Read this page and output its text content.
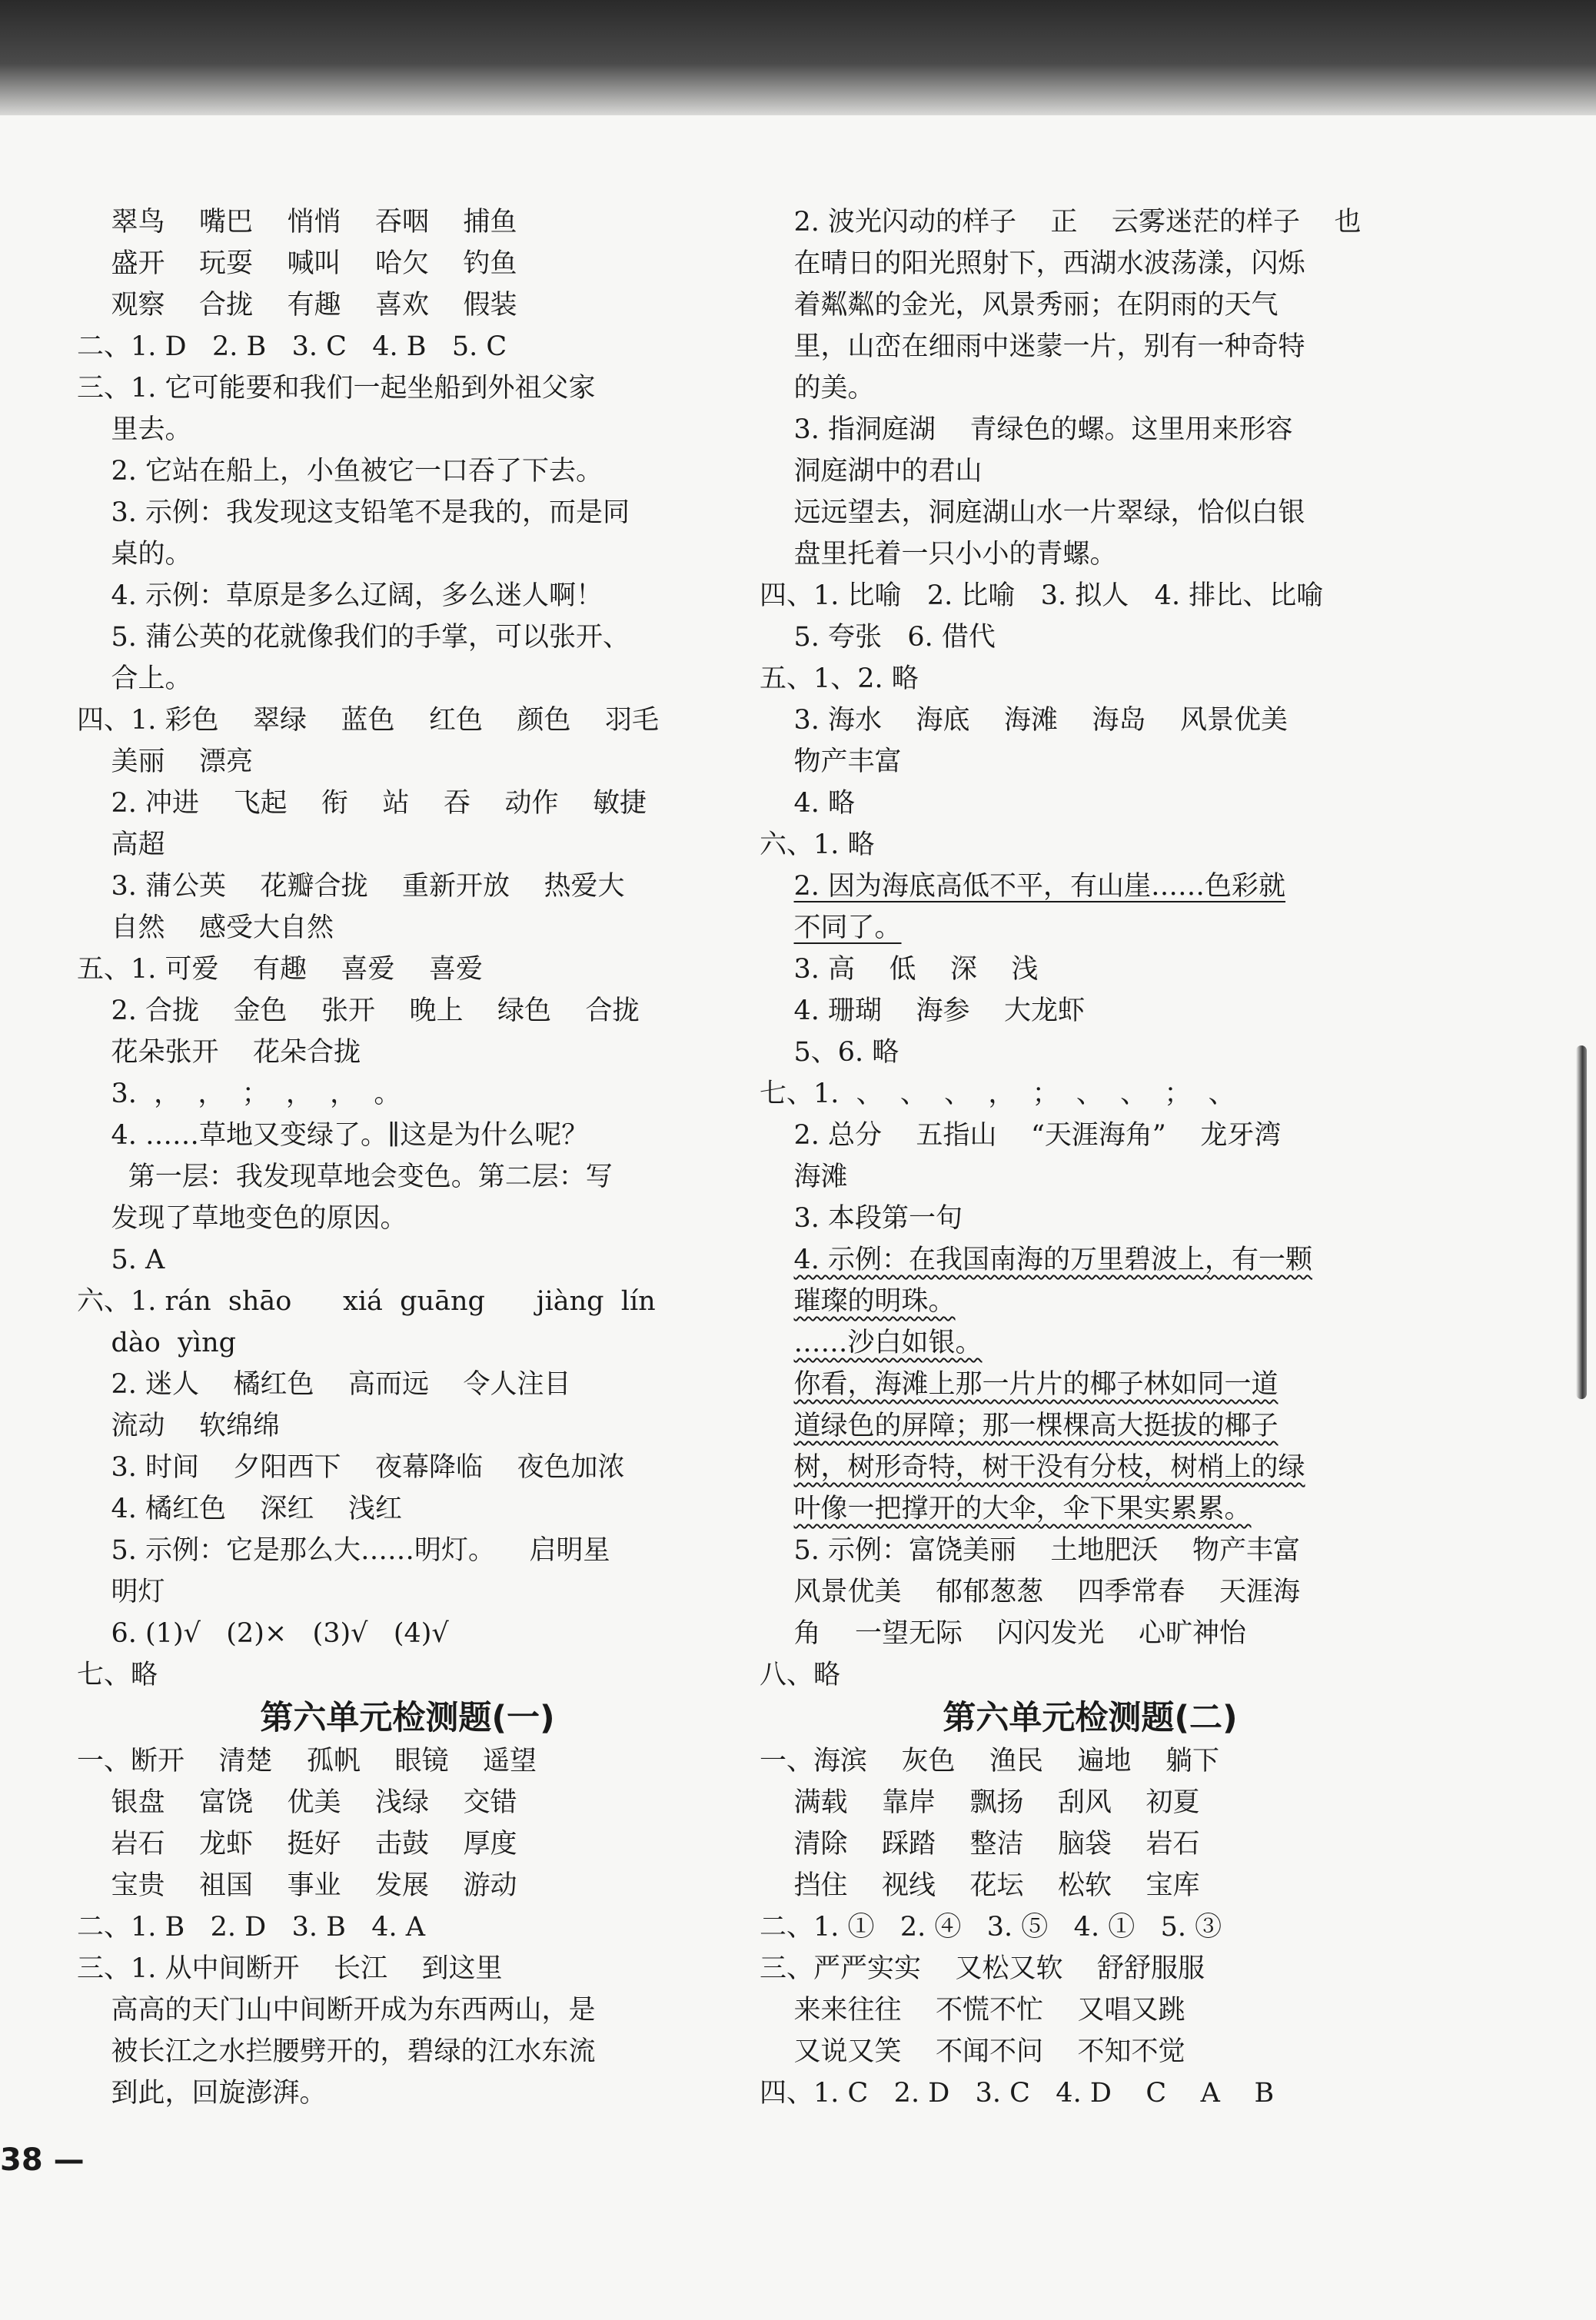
翠鸟    嘴巴    悄悄    吞咽    捕鱼
盛开    玩耍    喊叫    哈欠    钓鱼
观察    合拢    有趣    喜欢    假装
二、1. D   2. B   3. C   4. B   5. C
三、1. 它可能要和我们一起坐船到外祖父家
里去。
2. 它站在船上，小鱼被它一口吞了下去。
3. 示例：我发现这支铅笔不是我的，而是同
桌的。
4. 示例：草原是多么辽阔，多么迷人啊！
5. 蒲公英的花就像我们的手掌，可以张开、
合上。
四、1. 彩色    翠绿    蓝色    红色    颜色    羽毛
美丽    漂亮
2. 冲进    飞起    衔    站    吞    动作    敏捷
高超
3. 蒲公英    花瓣合拢    重新开放    热爱大
自然    感受大自然
五、1. 可爱    有趣    喜爱    喜爱
2. 合拢    金色    张开    晚上    绿色    合拢
花朵张开    花朵合拢
3.  ，  ，  ；  ，  ，  。
4. ……草地又变绿了。∥这是为什么呢？
第一层：我发现草地会变色。第二层：写
发现了草地变色的原因。
5. A
六、1. rán  shāo      xiá  guāng      jiàng  lín
dào  yìng
2. 迷人    橘红色    高而远    令人注目
流动    软绵绵
3. 时间    夕阳西下    夜幕降临    夜色加浓
4. 橘红色    深红    浅红
5. 示例：它是那么大……明灯。    启明星
明灯
6. (1)√   (2)×   (3)√   (4)√
七、略
第六单元检测题(一)
一、断开    清楚    孤帆    眼镜    遥望
银盘    富饶    优美    浅绿    交错
岩石    龙虾    挺好    击鼓    厚度
宝贵    祖国    事业    发展    游动
二、1. B   2. D   3. B   4. A
三、1. 从中间断开    长江    到这里
高高的天门山中间断开成为东西两山，是
被长江之水拦腰劈开的，碧绿的江水东流
到此，回旋澎湃。
2. 波光闪动的样子    正    云雾迷茫的样子    也
在晴日的阳光照射下，西湖水波荡漾，闪烁
着粼粼的金光，风景秀丽；在阴雨的天气
里，山峦在细雨中迷蒙一片，别有一种奇特
的美。
3. 指洞庭湖    青绿色的螺。这里用来形容
洞庭湖中的君山
远远望去，洞庭湖山水一片翠绿，恰似白银
盘里托着一只小小的青螺。
四、1. 比喻   2. 比喻   3. 拟人   4. 排比、比喻
5. 夸张   6. 借代
五、1、2. 略
3. 海水    海底    海滩    海岛    风景优美
物产丰富
4. 略
六、1. 略
2. 因为海底高低不平，有山崖……色彩就
不同了。
3. 高    低    深    浅
4. 珊瑚    海参    大龙虾
5、6. 略
七、1.  、  、  、  ，  ；  、  、  ；  、
2. 总分    五指山    “天涯海角”    龙牙湾
海滩
3. 本段第一句
4. 示例：在我国南海的万里碧波上，有一颗
璀璨的明珠。
……沙白如银。
你看，海滩上那一片片的椰子林如同一道
道绿色的屏障；那一棵棵高大挺拔的椰子
树，树形奇特，树干没有分枝，树梢上的绿
叶像一把撑开的大伞，伞下果实累累。
5. 示例：富饶美丽    土地肥沃    物产丰富
风景优美    郁郁葱葱    四季常春    天涯海
角    一望无际    闪闪发光    心旷神怡
八、略
第六单元检测题(二)
一、海滨    灰色    渔民    遍地    躺下
满载    靠岸    飘扬    刮风    初夏
清除    踩踏    整洁    脑袋    岩石
挡住    视线    花坛    松软    宝库
二、1. ①   2. ④   3. ⑤   4. ①   5. ③
三、严严实实    又松又软    舒舒服服
来来往往    不慌不忙    又唱又跳
又说又笑    不闻不问    不知不觉
四、1. C   2. D   3. C   4. D    C    A    B
38 —
